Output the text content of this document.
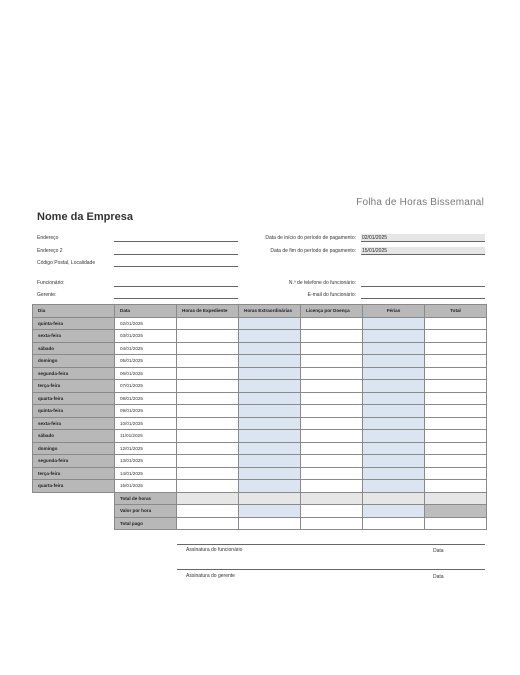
Folha de Horas Bissemanal
Nome da Empresa
Endereço
Endereço 2
Código Postal, Localidade
Funcionário:
Gerente:
Data de início do período de pagamento: 02/01/2025
Data de fim do período de pagamento: 15/01/2025
N.º de telefone do funcionário:
E-mail do funcionário:
Dia	Data	Horas de Expediente	Horas Extraordinárias	Licença por Doença	Férias	Total
quinta-feira	02/01/2025					
sexta-feira	03/01/2025					
sábado	04/01/2025					
domingo	05/01/2025					
segunda-feira	06/01/2025					
terça-feira	07/01/2025					
quarta-feira	08/01/2025					
quinta-feira	09/01/2025					
sexta-feira	10/01/2025					
sábado	11/01/2025					
domingo	12/01/2025					
segunda-feira	13/01/2025					
terça-feira	14/01/2025					
quarta-feira	15/01/2025					
	Total de horas					
	Valor por hora					
	Total pago					
Assinatura do funcionário	Data
Assinatura do gerente	Data
